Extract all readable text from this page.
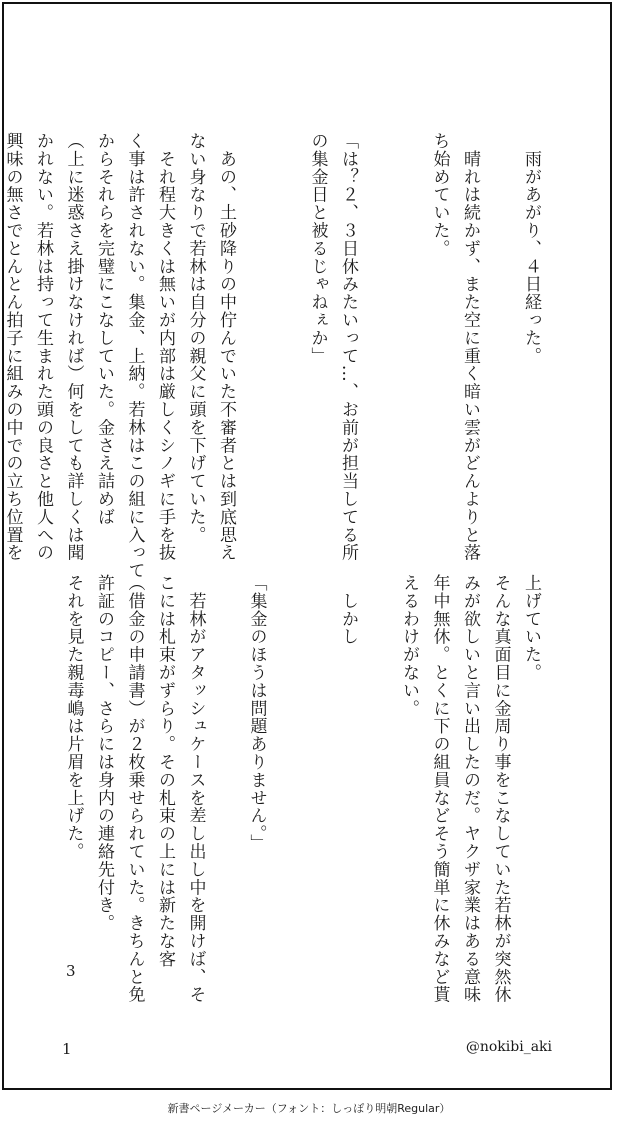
　雨があがり、４日経った。

　晴れは続かず、また空に重く暗い雲がどんよりと落
ち始めていた。

「は？２、３日休みたいって…、お前が担当してる所
の集金日と被るじゃねぇか」

　あの、土砂降りの中佇んでいた不審者とは到底思え
ない身なりで若林は自分の親父に頭を下げていた。
　それ程大きくは無いが内部は厳しくシノギに手を抜
く事は許されない。集金、上納。若林はこの組に入って
からそれらを完璧にこなしていた。金さえ詰めば
（上に迷惑さえ掛けなければ）何をしても詳しくは聞
かれない。若林は持って生まれた頭の良さと他人への
興味の無さでとんとん拍子に組みの中での立ち位置を
上げていた。
そんな真面目に金周り事をこなしていた若林が突然休
みが欲しいと言い出したのだ。ヤクザ家業はある意味
年中無休。とくに下の組員などそう簡単に休みなど貰
えるわけがない。

　しかし

「集金のほうは問題ありません。」

　若林がアタッシュケースを差し出し中を開けば、そ
こには札束がずらり。その札束の上には新たな客
（借金の申請書）が２枚乗せられていた。きちんと免
許証のコピー、さらには身内の連絡先付き。
それを見た親毒嶋は片眉を上げた。

3
1	@nokibi_aki
新書ページメーカー（フォント：しっぽり明朝Regular）
